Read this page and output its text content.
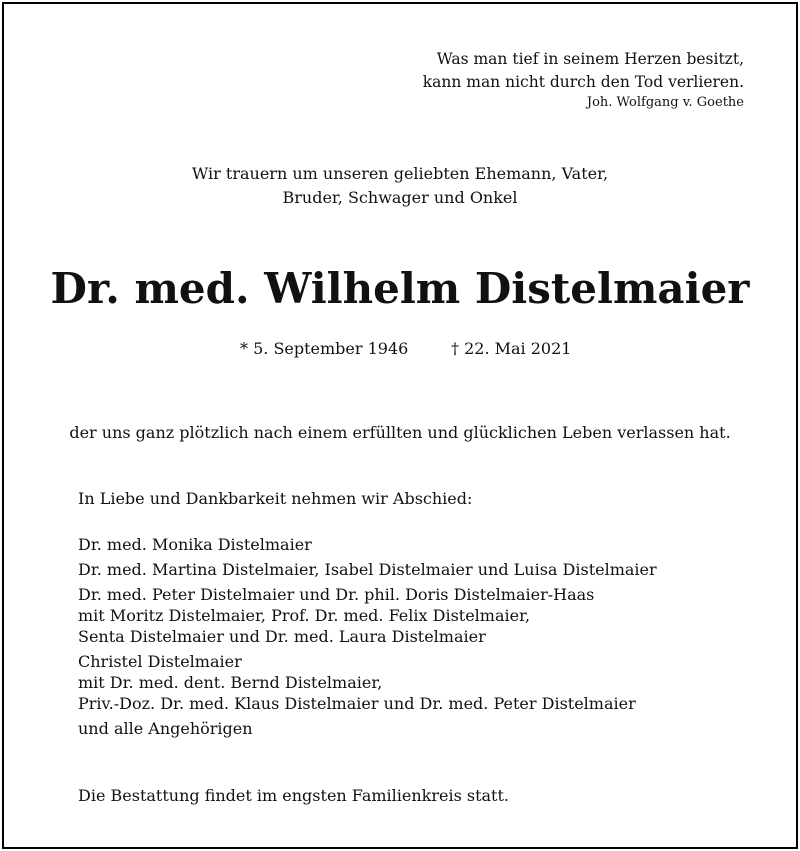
Was man tief in seinem Herzen besitzt,
kann man nicht durch den Tod verlieren.
Joh. Wolfgang v. Goethe
Wir trauern um unseren geliebten Ehemann, Vater,
Bruder, Schwager und Onkel
Dr. med. Wilhelm Distelmaier
* 5. September 1946	† 22. Mai 2021
der uns ganz plötzlich nach einem erfüllten und glücklichen Leben verlassen hat.
In Liebe und Dankbarkeit nehmen wir Abschied:
Dr. med. Monika Distelmaier
Dr. med. Martina Distelmaier, Isabel Distelmaier und Luisa Distelmaier
Dr. med. Peter Distelmaier und Dr. phil. Doris Distelmaier-Haas
mit Moritz Distelmaier, Prof. Dr. med. Felix Distelmaier,
Senta Distelmaier und Dr. med. Laura Distelmaier
Christel Distelmaier
mit Dr. med. dent. Bernd Distelmaier,
Priv.-Doz. Dr. med. Klaus Distelmaier und Dr. med. Peter Distelmaier
und alle Angehörigen
Die Bestattung findet im engsten Familienkreis statt.
